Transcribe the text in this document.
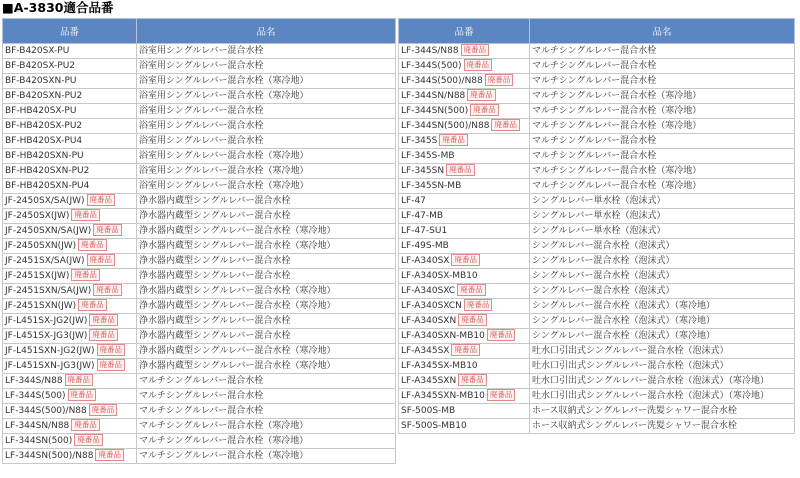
■A-3830適合品番
品番	品名
BF-B420SX-PU	浴室用シングルレバー混合水栓
BF-B420SX-PU2	浴室用シングルレバー混合水栓
BF-B420SXN-PU	浴室用シングルレバー混合水栓（寒冷地）
BF-B420SXN-PU2	浴室用シングルレバー混合水栓（寒冷地）
BF-HB420SX-PU	浴室用シングルレバー混合水栓
BF-HB420SX-PU2	浴室用シングルレバー混合水栓
BF-HB420SX-PU4	浴室用シングルレバー混合水栓
BF-HB420SXN-PU	浴室用シングルレバー混合水栓（寒冷地）
BF-HB420SXN-PU2	浴室用シングルレバー混合水栓（寒冷地）
BF-HB420SXN-PU4	浴室用シングルレバー混合水栓（寒冷地）
JF-2450SX/SA(JW) 廃番品	浄水器内蔵型シングルレバー混合水栓
JF-2450SX(JW) 廃番品	浄水器内蔵型シングルレバー混合水栓
JF-2450SXN/SA(JW) 廃番品	浄水器内蔵型シングルレバー混合水栓（寒冷地）
JF-2450SXN(JW) 廃番品	浄水器内蔵型シングルレバー混合水栓（寒冷地）
JF-2451SX/SA(JW) 廃番品	浄水器内蔵型シングルレバー混合水栓
JF-2451SX(JW) 廃番品	浄水器内蔵型シングルレバー混合水栓
JF-2451SXN/SA(JW) 廃番品	浄水器内蔵型シングルレバー混合水栓（寒冷地）
JF-2451SXN(JW) 廃番品	浄水器内蔵型シングルレバー混合水栓（寒冷地）
JF-L451SX-JG2(JW) 廃番品	浄水器内蔵型シングルレバー混合水栓
JF-L451SX-JG3(JW) 廃番品	浄水器内蔵型シングルレバー混合水栓
JF-L451SXN-JG2(JW) 廃番品	浄水器内蔵型シングルレバー混合水栓（寒冷地）
JF-L451SXN-JG3(JW) 廃番品	浄水器内蔵型シングルレバー混合水栓（寒冷地）
LF-344S/N88 廃番品	マルチシングルレバー混合水栓
LF-344S(500) 廃番品	マルチシングルレバー混合水栓
LF-344S(500)/N88 廃番品	マルチシングルレバー混合水栓
LF-344SN/N88 廃番品	マルチシングルレバー混合水栓（寒冷地）
LF-344SN(500) 廃番品	マルチシングルレバー混合水栓（寒冷地）
LF-344SN(500)/N88 廃番品	マルチシングルレバー混合水栓（寒冷地）
品番	品名
LF-344S/N88 廃番品	マルチシングルレバー混合水栓
LF-344S(500) 廃番品	マルチシングルレバー混合水栓
LF-344S(500)/N88 廃番品	マルチシングルレバー混合水栓
LF-344SN/N88 廃番品	マルチシングルレバー混合水栓（寒冷地）
LF-344SN(500) 廃番品	マルチシングルレバー混合水栓（寒冷地）
LF-344SN(500)/N88 廃番品	マルチシングルレバー混合水栓（寒冷地）
LF-345S 廃番品	マルチシングルレバー混合水栓
LF-345S-MB	マルチシングルレバー混合水栓
LF-345SN 廃番品	マルチシングルレバー混合水栓（寒冷地）
LF-345SN-MB	マルチシングルレバー混合水栓（寒冷地）
LF-47	シングルレバー単水栓（泡沫式）
LF-47-MB	シングルレバー単水栓（泡沫式）
LF-47-SU1	シングルレバー単水栓（泡沫式）
LF-49S-MB	シングルレバー混合水栓（泡沫式）
LF-A340SX 廃番品	シングルレバー混合水栓（泡沫式）
LF-A340SX-MB10	シングルレバー混合水栓（泡沫式）
LF-A340SXC 廃番品	シングルレバー混合水栓（泡沫式）
LF-A340SXCN 廃番品	シングルレバー混合水栓（泡沫式）（寒冷地）
LF-A340SXN 廃番品	シングルレバー混合水栓（泡沫式）（寒冷地）
LF-A340SXN-MB10 廃番品	シングルレバー混合水栓（泡沫式）（寒冷地）
LF-A345SX 廃番品	吐水口引出式シングルレバー混合水栓（泡沫式）
LF-A345SX-MB10	吐水口引出式シングルレバー混合水栓（泡沫式）
LF-A345SXN 廃番品	吐水口引出式シングルレバー混合水栓（泡沫式）（寒冷地）
LF-A345SXN-MB10 廃番品	吐水口引出式シングルレバー混合水栓（泡沫式）（寒冷地）
SF-500S-MB	ホース収納式シングルレバー洗髪シャワー混合水栓
SF-500S-MB10	ホース収納式シングルレバー洗髪シャワー混合水栓
